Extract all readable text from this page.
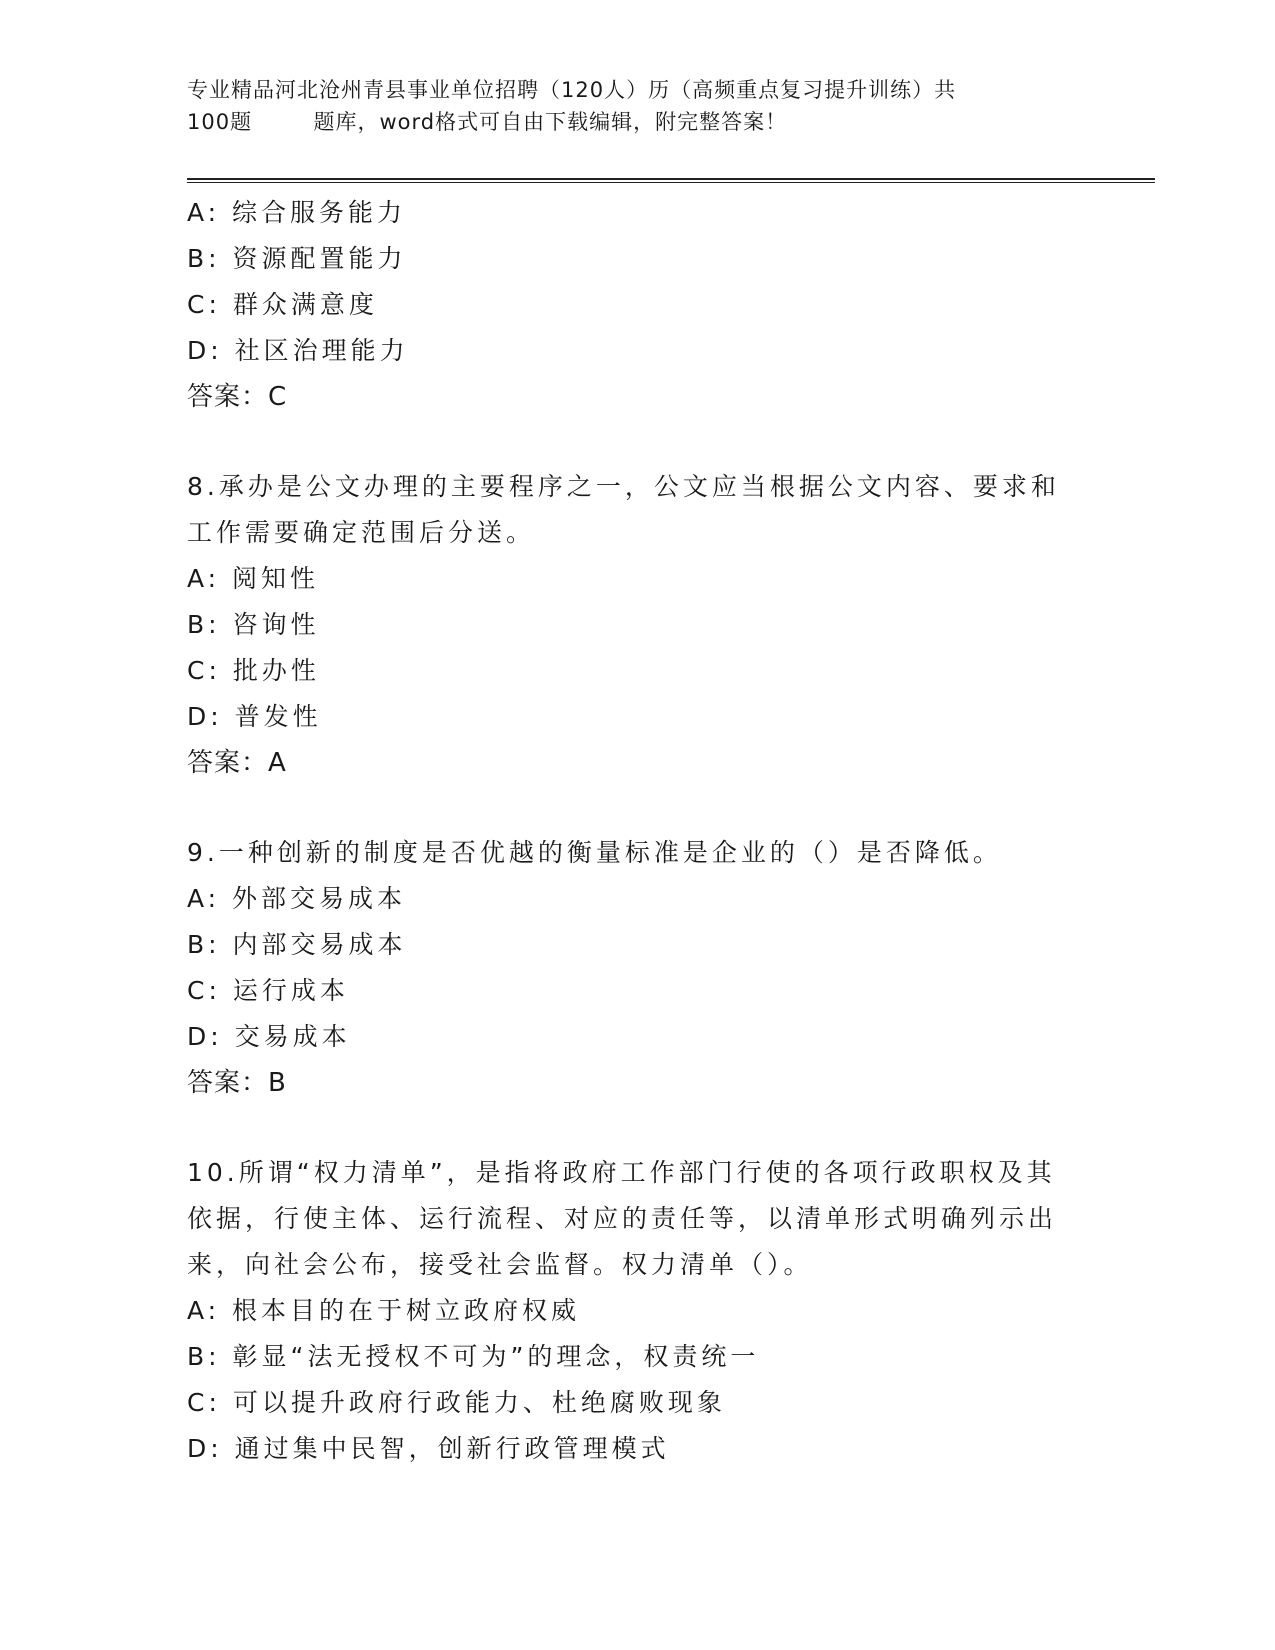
专业精品河北沧州青县事业单位招聘（120人）历（高频重点复习提升训练）共
100题        题库，word格式可自由下载编辑，附完整答案！
A: 综合服务能力
B: 资源配置能力
C: 群众满意度
D: 社区治理能力
答案：C
8.承办是公文办理的主要程序之一，公文应当根据公文内容、要求和
工作需要确定范围后分送。
A: 阅知性
B: 咨询性
C: 批办性
D: 普发性
答案：A
9.一种创新的制度是否优越的衡量标准是企业的（）是否降低。
A: 外部交易成本
B: 内部交易成本
C: 运行成本
D: 交易成本
答案：B
10.所谓“权力清单”，是指将政府工作部门行使的各项行政职权及其
依据，行使主体、运行流程、对应的责任等，以清单形式明确列示出
来，向社会公布，接受社会监督。权力清单（）。
A: 根本目的在于树立政府权威
B: 彰显“法无授权不可为”的理念，权责统一
C: 可以提升政府行政能力、杜绝腐败现象
D: 通过集中民智，创新行政管理模式
